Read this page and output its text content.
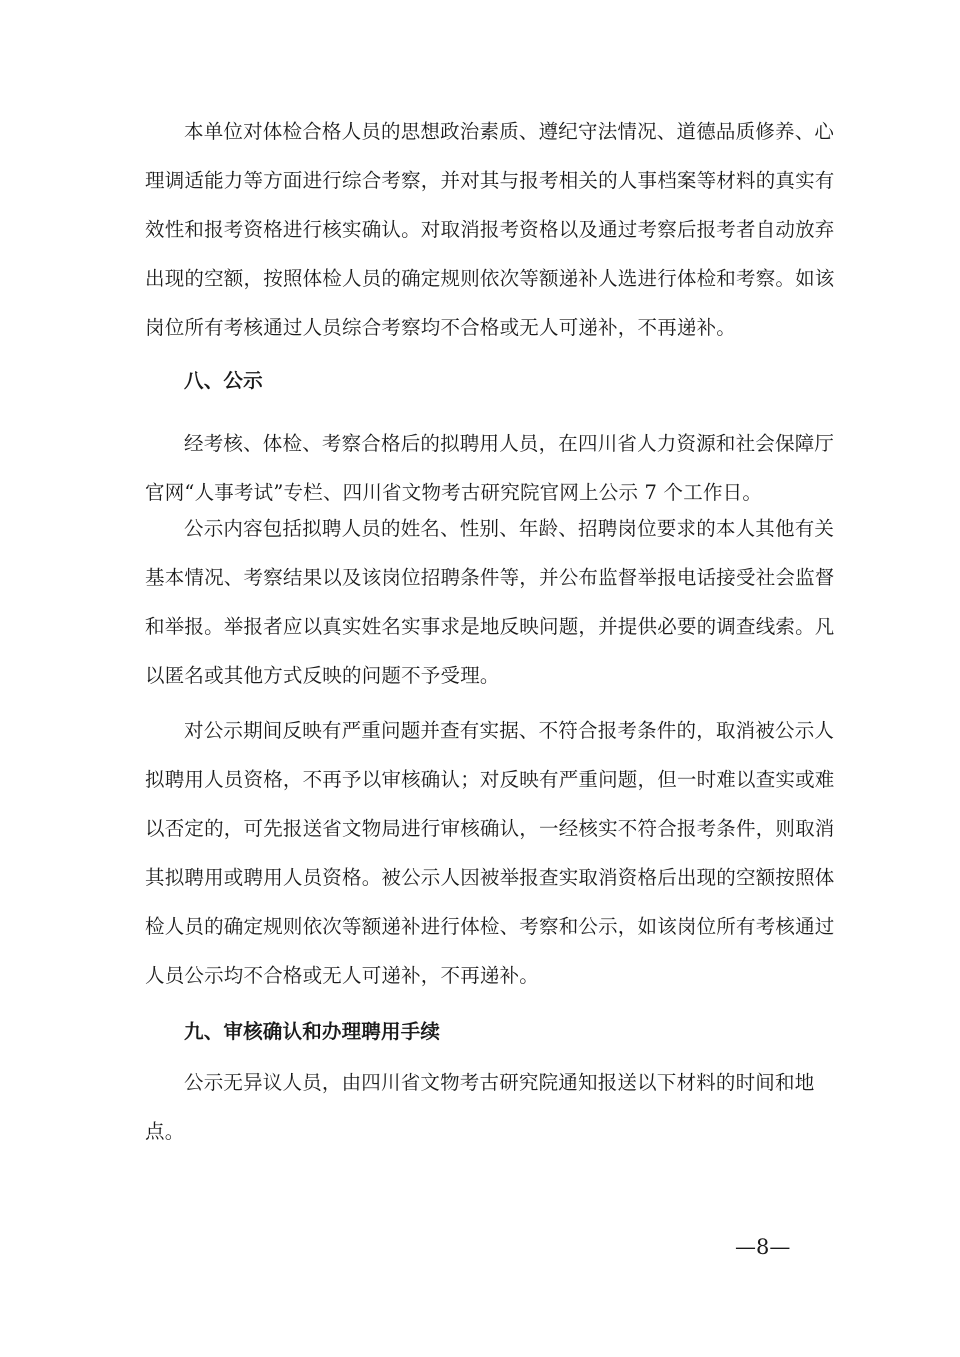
本单位对体检合格人员的思想政治素质、遵纪守法情况、道德品质修养、心
理调适能力等方面进行综合考察，并对其与报考相关的人事档案等材料的真实有
效性和报考资格进行核实确认。对取消报考资格以及通过考察后报考者自动放弃
出现的空额，按照体检人员的确定规则依次等额递补人选进行体检和考察。如该
岗位所有考核通过人员综合考察均不合格或无人可递补，不再递补。
八、公示
经考核、体检、考察合格后的拟聘用人员，在四川省人力资源和社会保障厅
官网“人事考试”专栏、四川省文物考古研究院官网上公示 7 个工作日。
公示内容包括拟聘人员的姓名、性别、年龄、招聘岗位要求的本人其他有关
基本情况、考察结果以及该岗位招聘条件等，并公布监督举报电话接受社会监督
和举报。举报者应以真实姓名实事求是地反映问题，并提供必要的调查线索。凡
以匿名或其他方式反映的问题不予受理。
对公示期间反映有严重问题并查有实据、不符合报考条件的，取消被公示人
拟聘用人员资格，不再予以审核确认；对反映有严重问题，但一时难以查实或难
以否定的，可先报送省文物局进行审核确认，一经核实不符合报考条件，则取消
其拟聘用或聘用人员资格。被公示人因被举报查实取消资格后出现的空额按照体
检人员的确定规则依次等额递补进行体检、考察和公示，如该岗位所有考核通过
人员公示均不合格或无人可递补，不再递补。
九、审核确认和办理聘用手续
公示无异议人员，由四川省文物考古研究院通知报送以下材料的时间和地
点。
—8—
